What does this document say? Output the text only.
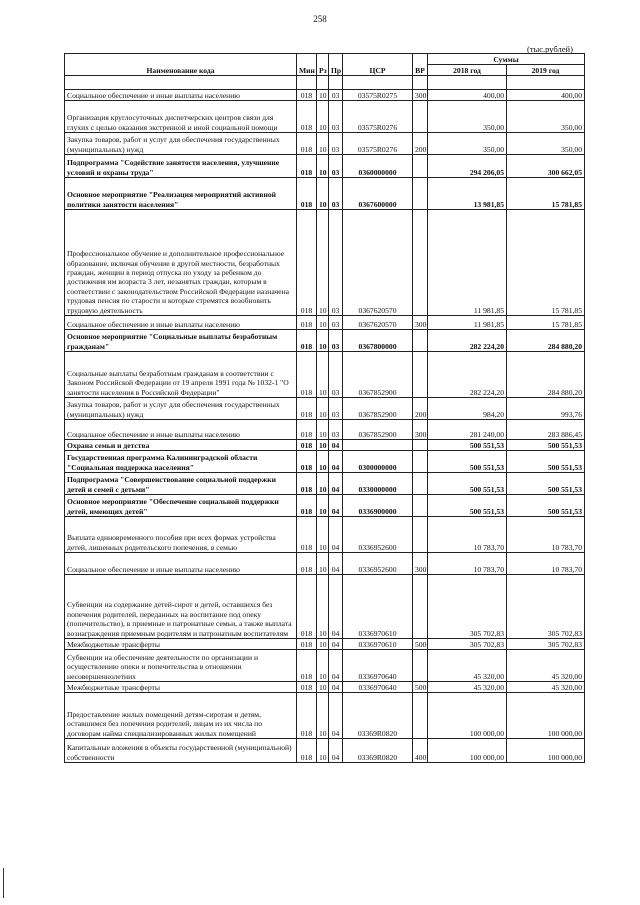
258
(тыс.рублей)
Наименование кода	Мин	Рз	Пр	ЦСР	ВР	Суммы	
						2018 год	2019 год

Социальное обеспечение и иные выплаты населению	018	10	03	03575R0275	300	400,00	400,00
Организация круглосуточных диспетчерских центров связи для глухих с целью оказания экстренной и иной социальной помощи	018	10	03	03575R0276		350,00	350,00
Закупка товаров, работ и услуг для обеспечения государственных (муниципальных) нужд	018	10	03	03575R0276	200	350,00	350,00
Подпрограмма "Содействие занятости населения, улучшение условий и охраны труда"	018	10	03	0360000000		294 206,05	300 662,05
Основное мероприятие "Реализация мероприятий активной политики занятости населения"	018	10	03	0367600000		13 981,85	15 781,85
Профессиональное обучение и дополнительное профессиональное образование, включая обучение в другой местности, безработных граждан, женщин в период отпуска по уходу за ребенком до достижения им возраста 3 лет, незанятых граждан, которым в соответствии с законодательством Российской Федерации назначена трудовая пенсия по старости и которые стремятся возобновить трудовую деятельность	018	10	03	0367620570		11 981,85	15 781,85
Социальное обеспечение и иные выплаты населению	018	10	03	0367620570	300	11 981,85	15 781,85
Основное мероприятие "Социальные выплаты безработным гражданам"	018	10	03	0367800000		282 224,20	284 880,20
Социальные выплаты безработным гражданам в соответствии с Законом Российской Федерации от 19 апреля 1991 года № 1032-1 "О занятости населения в Российской Федерации"	018	10	03	0367852900		282 224,20	284 880,20
Закупка товаров, работ и услуг для обеспечения государственных (муниципальных) нужд	018	10	03	0367852900	200	984,20	993,76
Социальное обеспечение и иные выплаты населению	018	10	03	0367852900	300	281 240,00	283 886,45
Охрана семьи и детства	018	10	04			500 551,53	500 551,53
Государственная программа Калининградской области "Социальная поддержка населения"	018	10	04	0300000000		500 551,53	500 551,53
Подпрограмма "Совершенствование социальной поддержки детей и семей с детьми"	018	10	04	0330000000		500 551,53	500 551,53
Основное мероприятие "Обеспечение социальной поддержки детей, имеющих детей"	018	10	04	0336900000		500 551,53	500 551,53
Выплата единовременного пособия при всех формах устройства детей, лишенных родительского попечения, в семью	018	10	04	0336952600		10 783,70	10 783,70
Социальное обеспечение и иные выплаты населению	018	10	04	0336952600	300	10 783,70	10 783,70
Субвенции на содержание детей-сирот и детей, оставшихся без попечения родителей, переданных на воспитание под опеку (попечительство), в приемные и патронатные семьи, а также выплата вознаграждения приемным родителям и патронатным воспитателям	018	10	04	0336970610		305 702,83	305 702,83
Межбюджетные трансферты	018	10	04	0336970610	500	305 702,83	305 702,83
Субвенции на обеспечение деятельности по организации и осуществлению опеки и попечительства в отношении несовершеннолетних	018	10	04	0336970640		45 320,00	45 320,00
Межбюджетные трансферты	018	10	04	0336970640	500	45 320,00	45 320,00
Предоставление жилых помещений детям-сиротам и детям, оставшимся без попечения родителей, лицам из их числа по договорам найма специализированных жилых помещений	018	10	04	03369R0820		100 000,00	100 000,00
Капитальные вложения в объекты государственной (муниципальной) собственности	018	10	04	03369R0820	400	100 000,00	100 000,00
